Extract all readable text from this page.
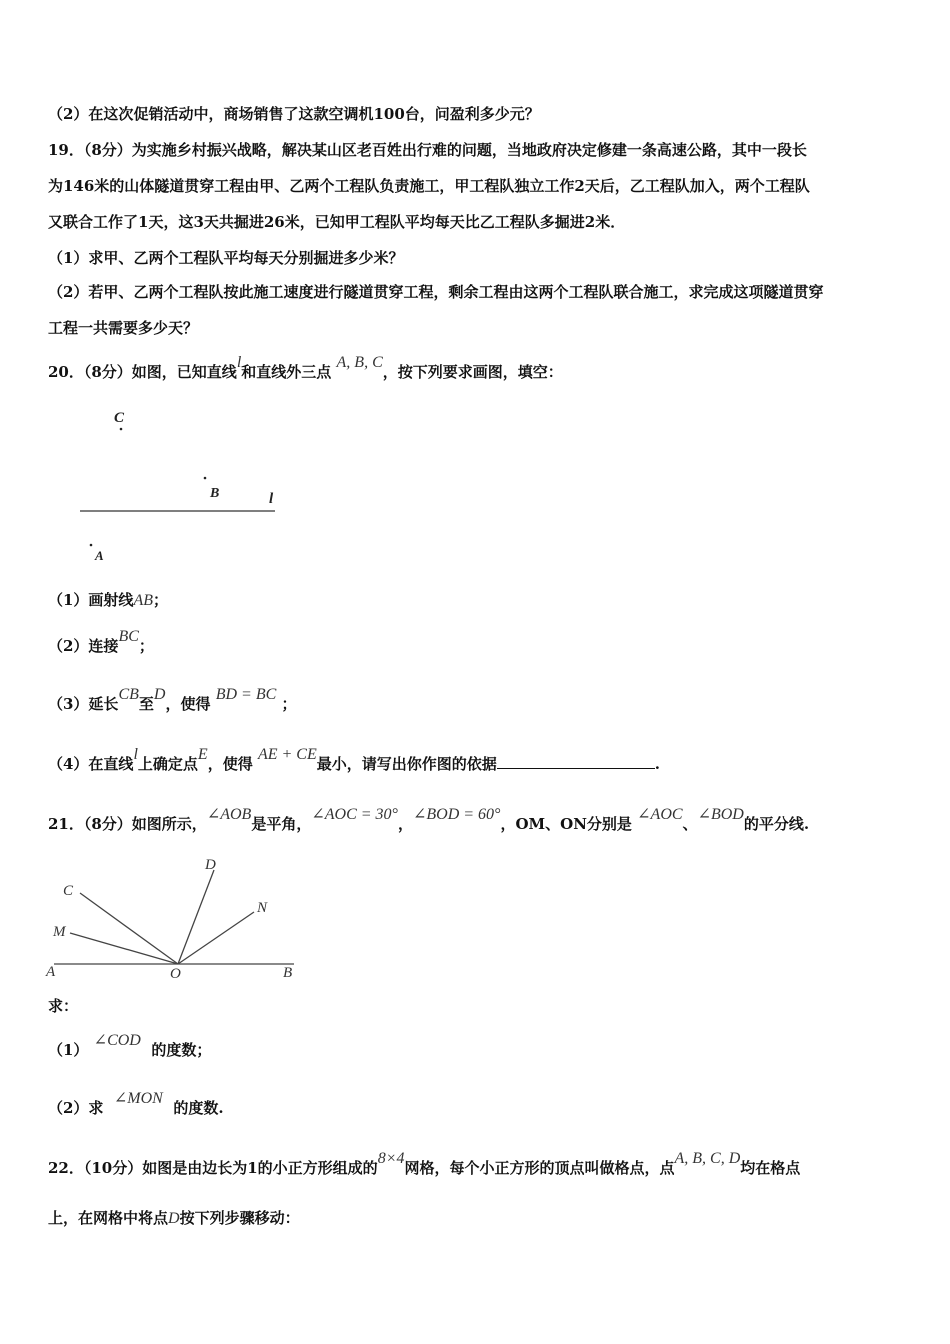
（2）在这次促销活动中，商场销售了这款空调机100台，问盈利多少元？
19．（8分）为实施乡村振兴战略，解决某山区老百姓出行难的问题，当地政府决定修建一条高速公路，其中一段长
为146米的山体隧道贯穿工程由甲、乙两个工程队负责施工，甲工程队独立工作2天后，乙工程队加入，两个工程队
又联合工作了1天，这3天共掘进26米，已知甲工程队平均每天比乙工程队多掘进2米．
（1）求甲、乙两个工程队平均每天分别掘进多少米？
（2）若甲、乙两个工程队按此施工速度进行隧道贯穿工程，剩余工程由这两个工程队联合施工，求完成这项隧道贯穿
工程一共需要多少天？
20．（8分）如图，已知直线l和直线外三点 A, B, C，按下列要求画图，填空：
C
B	l
A
（1）画射线AB；
（2）连接BC；
（3）延长CB至D，使得 BD = BC ；
（4）在直线l上确定点E，使得 AE + CE最小，请写出你作图的依据	.
21．（8分）如图所示，∠AOB是平角，∠AOC = 30°，∠BOD = 60°，OM、ON分别是 ∠AOC、∠BOD的平分线.
A	O	B
C
M
D
N
求：
（1） ∠COD  的度数；
（2）求  ∠MON  的度数.
22．（10分）如图是由边长为1的小正方形组成的8×4网格，每个小正方形的顶点叫做格点，点A, B, C, D均在格点
上，在网格中将点D按下列步骤移动：
